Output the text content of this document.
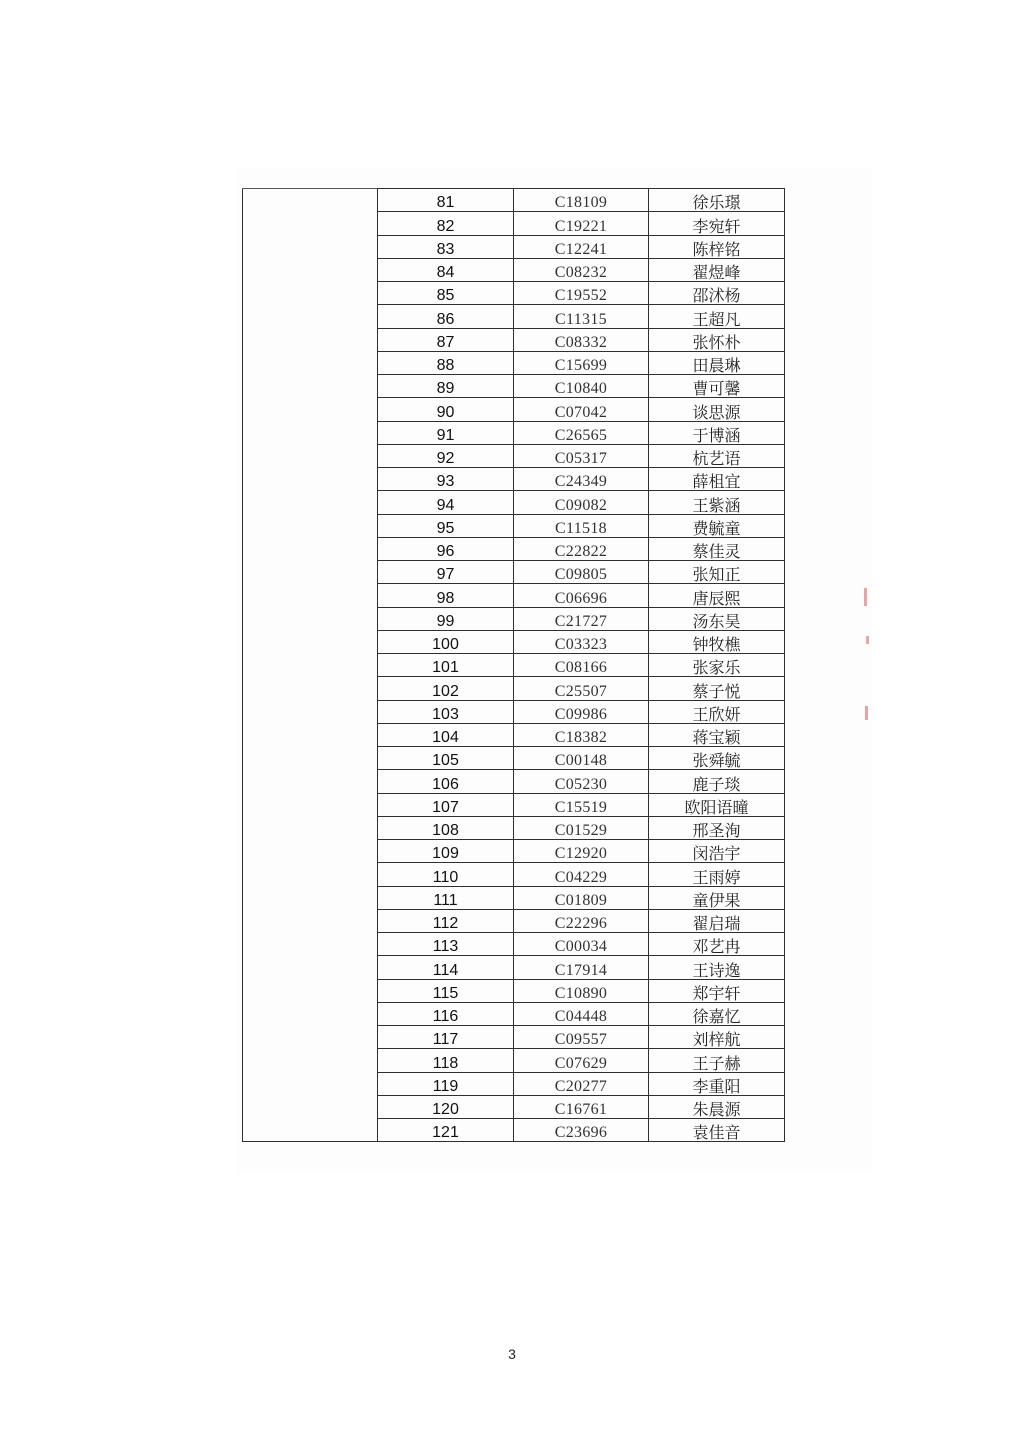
	81	C18109	徐乐璟
	82	C19221	李宛轩
	83	C12241	陈梓铭
	84	C08232	翟煜峰
	85	C19552	邵沭杨
	86	C11315	王超凡
	87	C08332	张怀朴
	88	C15699	田晨琳
	89	C10840	曹可馨
	90	C07042	谈思源
	91	C26565	于博涵
	92	C05317	杭艺语
	93	C24349	薛柤宜
	94	C09082	王紫涵
	95	C11518	费毓童
	96	C22822	蔡佳灵
	97	C09805	张知正
	98	C06696	唐辰熙
	99	C21727	汤东昊
	100	C03323	钟牧樵
	101	C08166	张家乐
	102	C25507	蔡子悦
	103	C09986	王欣妍
	104	C18382	蒋宝颖
	105	C00148	张舜毓
	106	C05230	鹿子琰
	107	C15519	欧阳语曈
	108	C01529	邢圣洵
	109	C12920	闵浩宇
	110	C04229	王雨婷
	111	C01809	童伊果
	112	C22296	翟启瑞
	113	C00034	邓艺冉
	114	C17914	王诗逸
	115	C10890	郑宇轩
	116	C04448	徐嘉忆
	117	C09557	刘梓航
	118	C07629	王子赫
	119	C20277	李重阳
	120	C16761	朱晨源
	121	C23696	袁佳音
3
